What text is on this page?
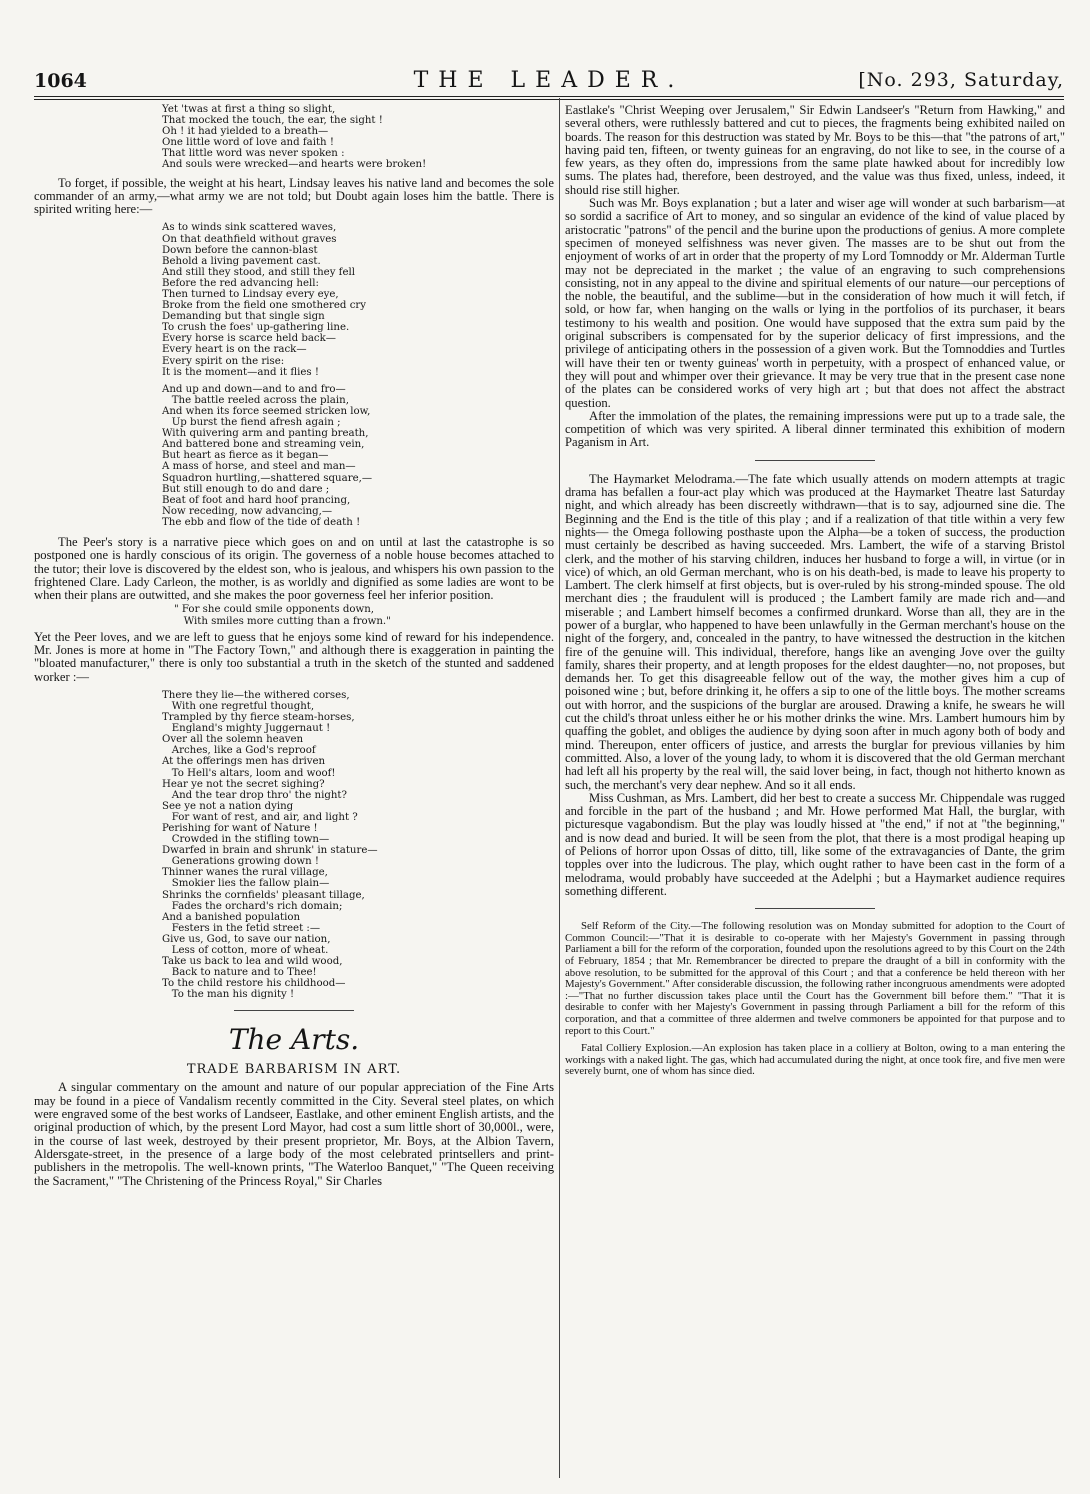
1064	THE LEADER.	[No. 293, Saturday,
Yet 'twas at first a thing so slight,
That mocked the touch, the ear, the sight !
Oh ! it had yielded to a breath—
One little word of love and faith !
That little word was never spoken :
And souls were wrecked—and hearts were broken!

To forget, if possible, the weight at his heart, Lindsay leaves his native land and becomes the sole commander of an army,—what army we are not told; but Doubt again loses him the battle. There is spirited writing here:—

As to winds sink scattered waves,
On that deathfield without graves
Down before the cannon-blast
Behold a living pavement cast.
And still they stood, and still they fell
Before the red advancing hell:
Then turned to Lindsay every eye,
Broke from the field one smothered cry
Demanding but that single sign
To crush the foes' up-gathering line.
Every horse is scarce held back—
Every heart is on the rack—
Every spirit on the rise:
It is the moment—and it flies !
And up and down—and to and fro—
The battle reeled across the plain,
And when its force seemed stricken low,
Up burst the fiend afresh again ;
With quivering arm and panting breath,
And battered bone and streaming vein,
But heart as fierce as it began—
A mass of horse, and steel and man—
Squadron hurtling,—shattered square,—
But still enough to do and dare ;
Beat of foot and hard hoof prancing,
Now receding, now advancing,—
The ebb and flow of the tide of death !

The Peer's story is a narrative piece which goes on and on until at last the catastrophe is so postponed one is hardly conscious of its origin. The governess of a noble house becomes attached to the tutor; their love is discovered by the eldest son, who is jealous, and whispers his own passion to the frightened Clare. Lady Carleon, the mother, is as worldly and dignified as some ladies are wont to be when their plans are outwitted, and she makes the poor governess feel her inferior position.

" For she could smile opponents down,
With smiles more cutting than a frown."

Yet the Peer loves, and we are left to guess that he enjoys some kind of reward for his independence. Mr. Jones is more at home in "The Factory Town," and although there is exaggeration in painting the "bloated manufacturer," there is only too substantial a truth in the sketch of the stunted and saddened worker :—

There they lie—the withered corses,
With one regretful thought,
Trampled by thy fierce steam-horses,
England's mighty Juggernaut !
Over all the solemn heaven
Arches, like a God's reproof
At the offerings men has driven
To Hell's altars, loom and woof!
Hear ye not the secret sighing?
And the tear drop thro' the night?
See ye not a nation dying
For want of rest, and air, and light ?
Perishing for want of Nature !
Crowded in the stifling town—
Dwarfed in brain and shrunk' in stature—
Generations growing down !
Thinner wanes the rural village,
Smokier lies the fallow plain—
Shrinks the cornfields' pleasant tillage,
Fades the orchard's rich domain;
And a banished population
Festers in the fetid street :—
Give us, God, to save our nation,
Less of cotton, more of wheat.
Take us back to lea and wild wood,
Back to nature and to Thee!
To the child restore his childhood—
To the man his dignity !
The Arts.
TRADE BARBARISM IN ART.

A singular commentary on the amount and nature of our popular appreciation of the Fine Arts may be found in a piece of Vandalism recently committed in the City. Several steel plates, on which were engraved some of the best works of Landseer, Eastlake, and other eminent English artists, and the original production of which, by the present Lord Mayor, had cost a sum little short of 30,000l., were, in the course of last week, destroyed by their present proprietor, Mr. Boys, at the Albion Tavern, Aldersgate-street, in the presence of a large body of the most celebrated printsellers and print-publishers in the metropolis. The well-known prints, "The Waterloo Banquet," "The Queen receiving the Sacrament," "The Christening of the Princess Royal," Sir Charles

Eastlake's "Christ Weeping over Jerusalem," Sir Edwin Landseer's "Return from Hawking," and several others, were ruthlessly battered and cut to pieces, the fragments being exhibited nailed on boards. The reason for this destruction was stated by Mr. Boys to be this—that "the patrons of art," having paid ten, fifteen, or twenty guineas for an engraving, do not like to see, in the course of a few years, as they often do, impressions from the same plate hawked about for incredibly low sums. The plates had, therefore, been destroyed, and the value was thus fixed, unless, indeed, it should rise still higher.

Such was Mr. Boys explanation ; but a later and wiser age will wonder at such barbarism—at so sordid a sacrifice of Art to money, and so singular an evidence of the kind of value placed by aristocratic "patrons" of the pencil and the burine upon the productions of genius. A more complete specimen of moneyed selfishness was never given. The masses are to be shut out from the enjoyment of works of art in order that the property of my Lord Tomnoddy or Mr. Alderman Turtle may not be depreciated in the market ; the value of an engraving to such comprehensions consisting, not in any appeal to the divine and spiritual elements of our nature—our perceptions of the noble, the beautiful, and the sublime—but in the consideration of how much it will fetch, if sold, or how far, when hanging on the walls or lying in the portfolios of its purchaser, it bears testimony to his wealth and position. One would have supposed that the extra sum paid by the original subscribers is compensated for by the superior delicacy of first impressions, and the privilege of anticipating others in the possession of a given work. But the Tomnoddies and Turtles will have their ten or twenty guineas' worth in perpetuity, with a prospect of enhanced value, or they will pout and whimper over their grievance. It may be very true that in the present case none of the plates can be considered works of very high art ; but that does not affect the abstract question.

After the immolation of the plates, the remaining impressions were put up to a trade sale, the competition of which was very spirited. A liberal dinner terminated this exhibition of modern Paganism in Art.

The Haymarket Melodrama.—The fate which usually attends on modern attempts at tragic drama has befallen a four-act play which was produced at the Haymarket Theatre last Saturday night, and which already has been discreetly withdrawn—that is to say, adjourned sine die. The Beginning and the End is the title of this play ; and if a realization of that title within a very few nights— the Omega following posthaste upon the Alpha—be a token of success, the production must certainly be described as having succeeded. Mrs. Lambert, the wife of a starving Bristol clerk, and the mother of his starving children, induces her husband to forge a will, in virtue (or in vice) of which, an old German merchant, who is on his death-bed, is made to leave his property to Lambert. The clerk himself at first objects, but is over-ruled by his strong-minded spouse. The old merchant dies ; the fraudulent will is produced ; the Lambert family are made rich and—and miserable ; and Lambert himself becomes a confirmed drunkard. Worse than all, they are in the power of a burglar, who happened to have been unlawfully in the German merchant's house on the night of the forgery, and, concealed in the pantry, to have witnessed the destruction in the kitchen fire of the genuine will. This individual, therefore, hangs like an avenging Jove over the guilty family, shares their property, and at length proposes for the eldest daughter—no, not proposes, but demands her. To get this disagreeable fellow out of the way, the mother gives him a cup of poisoned wine ; but, before drinking it, he offers a sip to one of the little boys. The mother screams out with horror, and the suspicions of the burglar are aroused. Drawing a knife, he swears he will cut the child's throat unless either he or his mother drinks the wine. Mrs. Lambert humours him by quaffing the goblet, and obliges the audience by dying soon after in much agony both of body and mind. Thereupon, enter officers of justice, and arrests the burglar for previous villanies by him committed. Also, a lover of the young lady, to whom it is discovered that the old German merchant had left all his property by the real will, the said lover being, in fact, though not hitherto known as such, the merchant's very dear nephew. And so it all ends.

Miss Cushman, as Mrs. Lambert, did her best to create a success Mr. Chippendale was rugged and forcible in the part of the husband ; and Mr. Howe performed Mat Hall, the burglar, with picturesque vagabondism. But the play was loudly hissed at "the end," if not at "the beginning," and is now dead and buried. It will be seen from the plot, that there is a most prodigal heaping up of Pelions of horror upon Ossas of ditto, till, like some of the extravagancies of Dante, the grim topples over into the ludicrous. The play, which ought rather to have been cast in the form of a melodrama, would probably have succeeded at the Adelphi ; but a Haymarket audience requires something different.

Self Reform of the City.—The following resolution was on Monday submitted for adoption to the Court of Common Council:—"That it is desirable to co-operate with her Majesty's Government in passing through Parliament a bill for the reform of the corporation, founded upon the resolutions agreed to by this Court on the 24th of February, 1854 ; that Mr. Remembrancer be directed to prepare the draught of a bill in conformity with the above resolution, to be submitted for the approval of this Court ; and that a conference be held thereon with her Majesty's Government." After considerable discussion, the following rather incongruous amendments were adopted :—"That no further discussion takes place until the Court has the Government bill before them." "That it is desirable to confer with her Majesty's Government in passing through Parliament a bill for the reform of this corporation, and that a committee of three aldermen and twelve commoners be appointed for that purpose and to report to this Court."

Fatal Colliery Explosion.—An explosion has taken place in a colliery at Bolton, owing to a man entering the workings with a naked light. The gas, which had accumulated during the night, at once took fire, and five men were severely burnt, one of whom has since died.
